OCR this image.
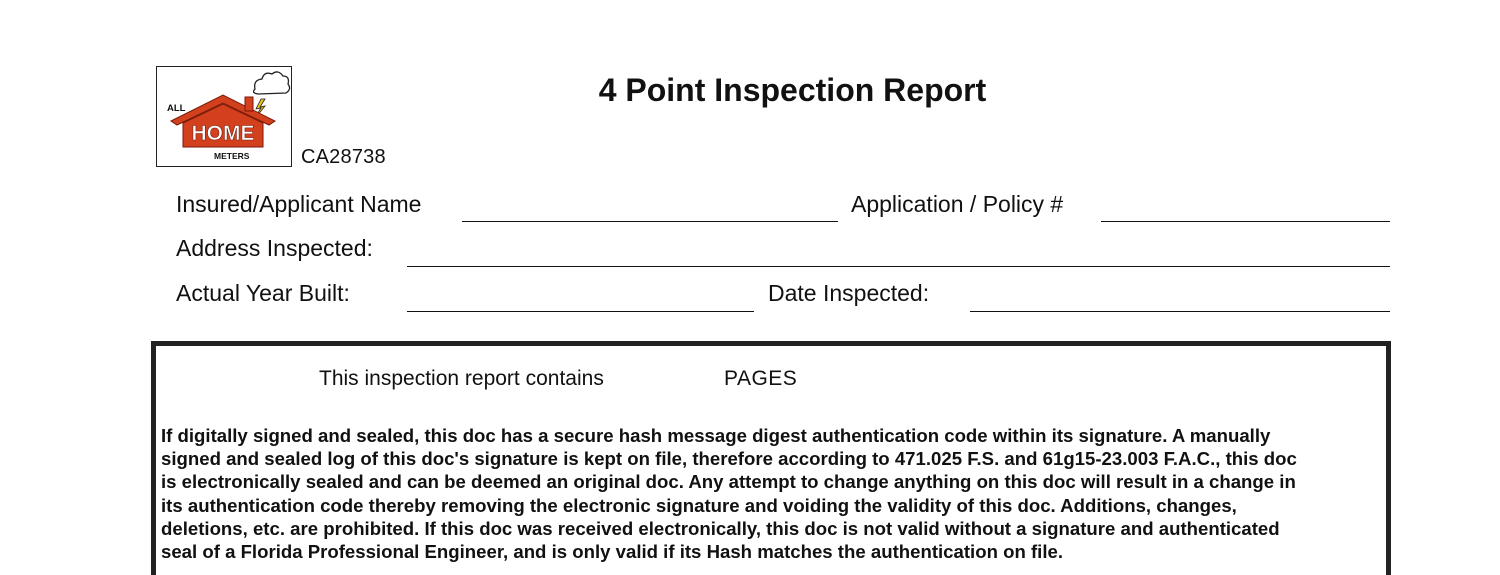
HOME
ALL
METERS	CA28738
4 Point Inspection Report
Insured/Applicant Name	Application / Policy #
Address Inspected:
Actual Year Built:	Date Inspected:
This inspection report contains	PAGES
If digitally signed and sealed, this doc has a secure hash message digest authentication code within its signature. A manually
signed and sealed log of this doc's signature is kept on file, therefore according to 471.025 F.S. and 61g15-23.003 F.A.C., this doc
is electronically sealed and can be deemed an original doc. Any attempt to change anything on this doc will result in a change in
its authentication code thereby removing the electronic signature and voiding the validity of this doc. Additions, changes,
deletions, etc. are prohibited. If this doc was received electronically, this doc is not valid without a signature and authenticated
seal of a Florida Professional Engineer, and is only valid if its Hash matches the authentication on file.
